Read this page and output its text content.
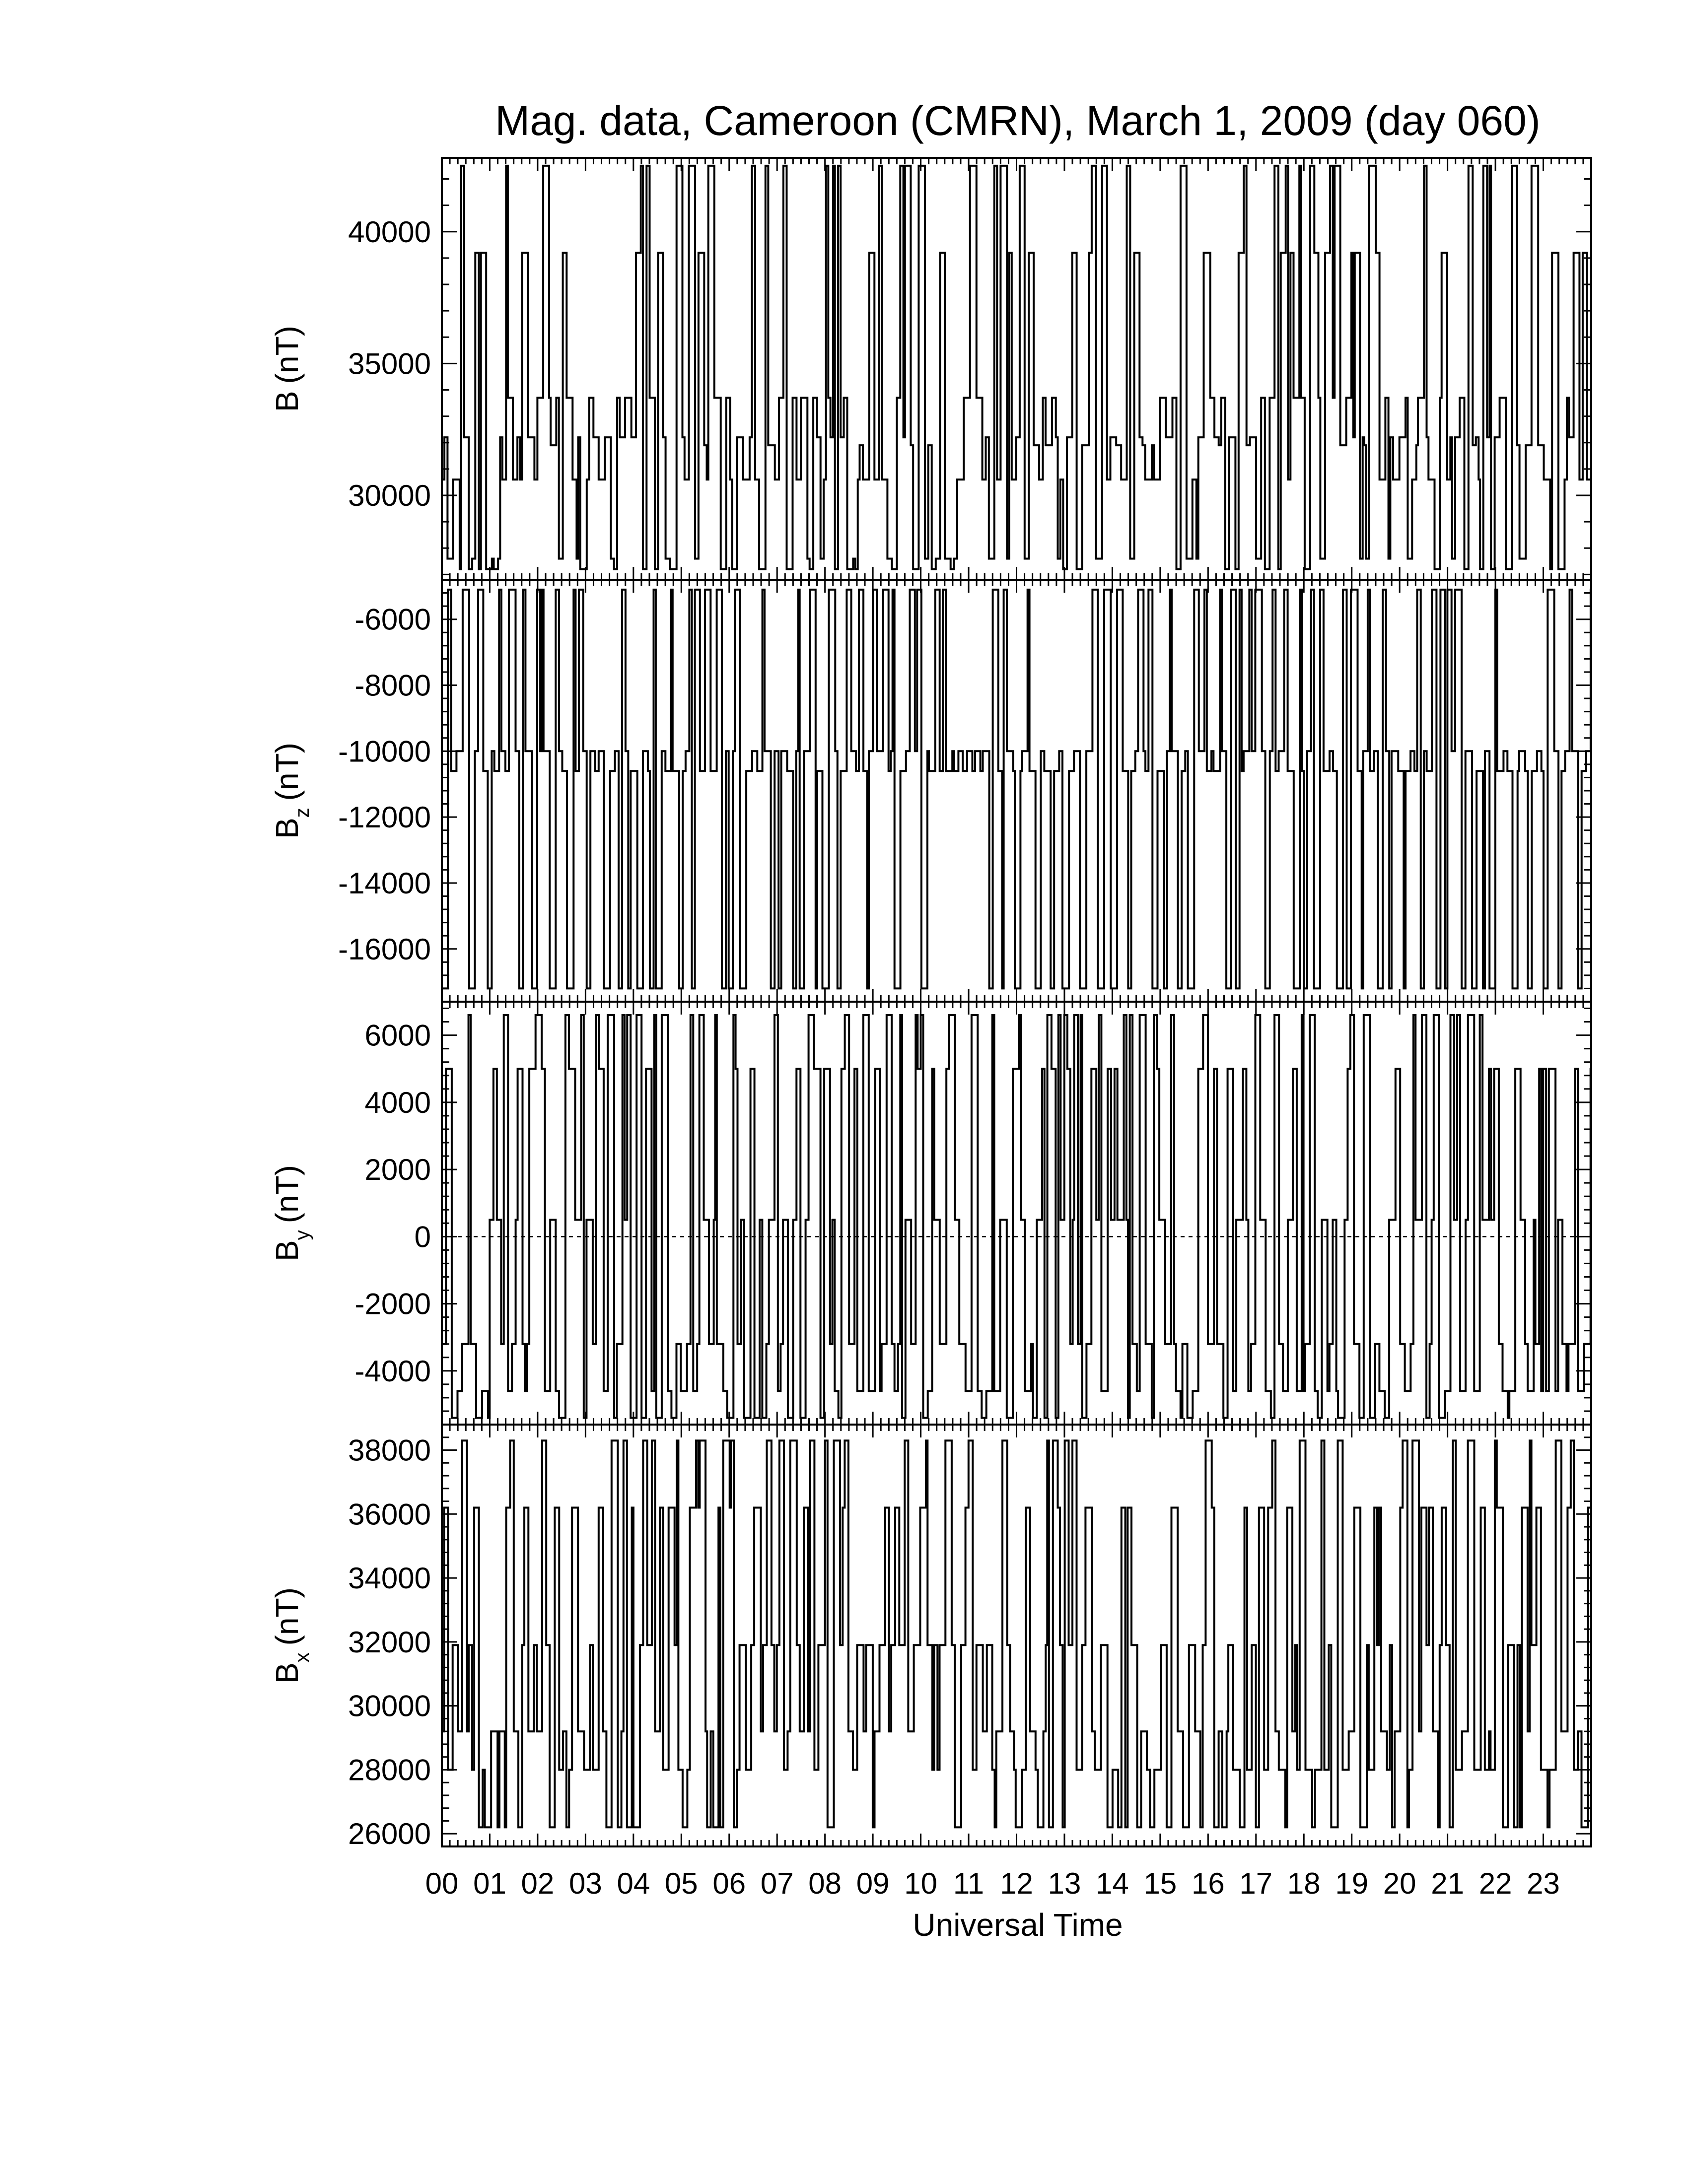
Mag. data, Cameroon (CMRN), March 1, 2009 (day 060)
30000
35000
40000
B(nT)
-6000
-8000
-10000
-12000
-14000
-16000
$B_z(nT)$
6000
4000
2000
0
-2000
-4000
$B_y(nT)$
26000
28000
30000
32000
34000
36000
38000
$B_x(nT)$
00 01 02 03 04 05 06 07 08 09 10 11 12 13 14 15 16 17 18 19 20 21 22 23
Universal Time
